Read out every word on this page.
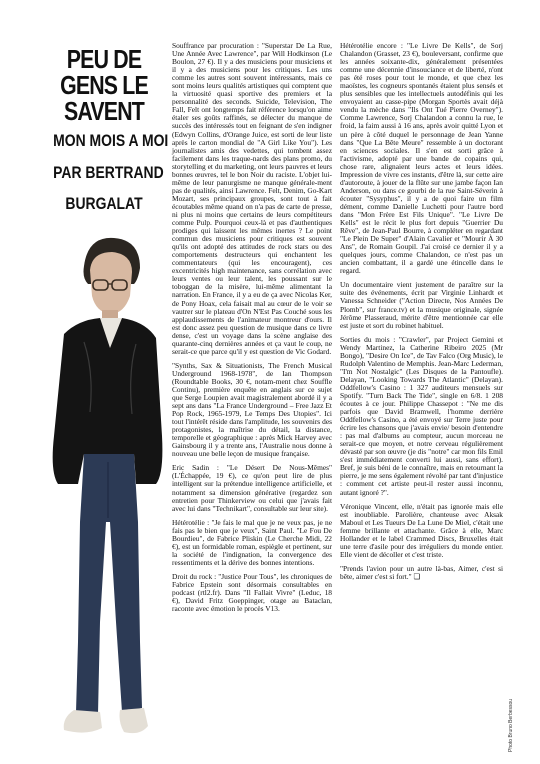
PEU DE
GENS LE
SAVENT
MON MOIS A MOI
PAR BERTRAND
BURGALAT

Souffrance par procuration : "Superstar De La Rue, Une Année Avec Lawrence", par Will Hodkinson (Le Boulon, 27 €). Il y a des musiciens pour musiciens et il y a des musiciens pour les critiques. Les uns comme les autres sont souvent intéressants, mais ce sont moins leurs qualités artistiques qui comptent que la virtuosité quasi sportive des premiers et la personnalité des seconds. Suicide, Television, The Fall, Felt ont longtemps fait référence lorsqu'on aime étaler ses goûts raffinés, se délecter du manque de succès des intéressés tout en feignant de s'en indigner (Edwyn Collins, d'Orange Juice, est sorti de leur liste après le carton mondial de "A Girl Like You"). Les journalistes amis des vedettes, qui tombent assez facilement dans les traque-nards des plans promo, du storytelling et du marketing, ont leurs pauvres et leurs bonnes œuvres, tel le bon Noir du raciste. L'objet lui-même de leur panurgisme ne manque générale-ment pas de qualités, ainsi Lawrence. Felt, Denim, Go-Kart Mozart, ses principaux groupes, sont tout à fait écoutables même quand on n'a pas de carte de presse, ni plus ni moins que certains de leurs compétiteurs comme Pulp. Pourquoi ceux-là et pas d'authentiques prodiges qui laissent les mêmes inertes ? Le point commun des musiciens pour critiques est souvent qu'ils ont adopté des attitudes de rock stars ou des comportements destructeurs qui enchantent les commentateurs (qui les encouragent), ces excentricités high maintenance, sans corrélation avec leurs ventes ou leur talent, les poussant sur le toboggan de la misère, lui-même alimentant la narration. En France, il y a eu de ça avec Nicolas Ker, de Pony Hoax, cela faisait mal au cœur de le voir se vautrer sur le plateau d'On N'Est Pas Couché sous les applaudissements de l'animateur montreur d'ours. Il est donc assez peu question de musique dans ce livre dense, c'est un voyage dans la scène anglaise des quarante-cinq dernières années et ça vaut le coup, ne serait-ce que parce qu'il y est question de Vic Godard.

"Synths, Sax & Situationists, The French Musical Underground 1968-1978", de Ian Thompson (Roundtable Books, 30 €, notam-ment chez Souffle Continu), première enquête en anglais sur ce sujet que Serge Loupien avait magistralement abordé il y a sept ans dans "La France Underground – Free Jazz Et Pop Rock, 1965-1979, Le Temps Des Utopies". Ici tout l'intérêt réside dans l'amplitude, les souvenirs des protagonistes, la maîtrise du détail, la distance, temporelle et géographique : après Mick Harvey avec Gainsbourg il y a trente ans, l'Australie nous donne à nouveau une belle leçon de musique française.

Eric Sadin : "Le Désert De Nous-Mêmes" (L'Échappée, 19 €), ce qu'on peut lire de plus intelligent sur la prétendue intelligence artificielle, et notamment sa dimension générative (regardez son entretien pour Thinkerview ou celui que j'avais fait avec lui dans "Technikart", consultable sur leur site).

Hétérotélie : "Je fais le mal que je ne veux pas, je ne fais pas le bien que je veux", Saint Paul. "Le Fou De Bourdieu", de Fabrice Pliskin (Le Cherche Midi, 22 €), est un formidable roman, espiègle et pertinent, sur la société de l'indignation, la convergence des ressentiments et la dérive des bonnes intentions.

Droit du rock : "Justice Pour Tous", les chroniques de Fabrice Epstein sont désormais consultables en podcast (rtl2.fr). Dans "Il Fallait Vivre" (Leduc, 18 €), David Fritz Goeppinger, otage au Bataclan, raconte avec émotion le procès V13.

Hétérotélie encore : "Le Livre De Kells", de Sorj Chalandon (Grasset, 23 €), bouleversant, confirme que les années soixante-dix, généralement présentées comme une décennie d'insouciance et de liberté, n'ont pas été roses pour tout le monde, et que chez les maoïstes, les cogneurs spontanés étaient plus sensés et plus sensibles que les intellectuels autodéfinis qui les envoyaient au casse-pipe (Morgan Sportès avait déjà vendu la mèche dans "Ils Ont Tué Pierre Overney"). Comme Lawrence, Sorj Chalandon a connu la rue, le froid, la faim aussi à 16 ans, après avoir quitté Lyon et un père à côté duquel le personnage de Jean Yanne dans "Que La Bête Meure" ressemble à un doctorant en sciences sociales. Il s'en est sorti grâce à l'activisme, adopté par une bande de copains qui, chose rare, alignaient leurs actes et leurs idées. Impression de vivre ces instants, d'être là, sur cette aire d'autoroute, à jouer de la flûte sur une jambe façon Ian Anderson, ou dans ce gourbi de la rue Saint-Séverin à écouter "Sysyphus", il y a de quoi faire un film dément, comme Danielle Luchetti pour l'autre bord dans "Mon Frère Est Fils Unique". "Le Livre De Kells" est le récit le plus fort depuis "Guerrier Du Rêve", de Jean-Paul Bourre, à compléter en regardant "Le Plein De Super" d'Alain Cavalier et "Mourir À 30 Ans", de Romain Goupil. J'ai croisé ce dernier il y a quelques jours, comme Chalandon, ce n'est pas un ancien combattant, il a gardé une étincelle dans le regard.

Un documentaire vient justement de paraître sur la suite des événements, écrit par Virginie Linhardt et Vanessa Schneider ("Action Directe, Nos Années De Plomb", sur france.tv) et la musique originale, signée Jérôme Plasseraud, mérite d'être mentionnée car elle est juste et sort du robinet habituel.

Sorties du mois : "Crawler", par Project Gemini et Wendy Martinez, la Catherine Ribeiro 2025 (Mr Bongo), "Desire On Ice", de Tav Falco (Org Music), le Rudolph Valentino de Memphis. Jean-Marc Lederman, "I'm Not Nostalgic" (Les Disques de la Pantoufle). Delayan, "Looking Towards The Atlantic" (Delayan). Oddfellow's Casino : 1 327 auditeurs mensuels sur Spotify. "Turn Back The Tide", single en 6/8. 1 208 écoutes à ce jour. Philippe Chassepot : "Ne me dis parfois que David Bramwell, l'homme derrière Oddfellow's Casino, a été envoyé sur Terre juste pour écrire les chansons que j'avais envie/ besoin d'entendre : pas mal d'albums au compteur, aucun morceau ne serait-ce que moyen, et notre cerveau régulièrement dévasté par son œuvre (je dis "notre" car mon fils Emil s'est immédiatement converti lui aussi, sans effort). Bref, je suis béni de le connaître, mais en retournant la pierre, je me sens également révolté par tant d'injustice : comment cet artiste peut-il rester aussi inconnu, autant ignoré ?".

Véronique Vincent, elle, n'était pas ignorée mais elle est inoubliable. Parolière, chanteuse avec Aksak Maboul et Les Tueurs De La Lune De Miel, c'était une femme brillante et attachante. Grâce à elle, Marc Hollander et le label Crammed Discs, Bruxelles était une terre d'asile pour des irréguliers du monde entier. Elle vient de décoller et c'est triste.

"Prends l'avion pour un autre là-bas, Aimer, c'est si bête, aimer c'est si fort." ❏

Photo Bruno Berbessou
